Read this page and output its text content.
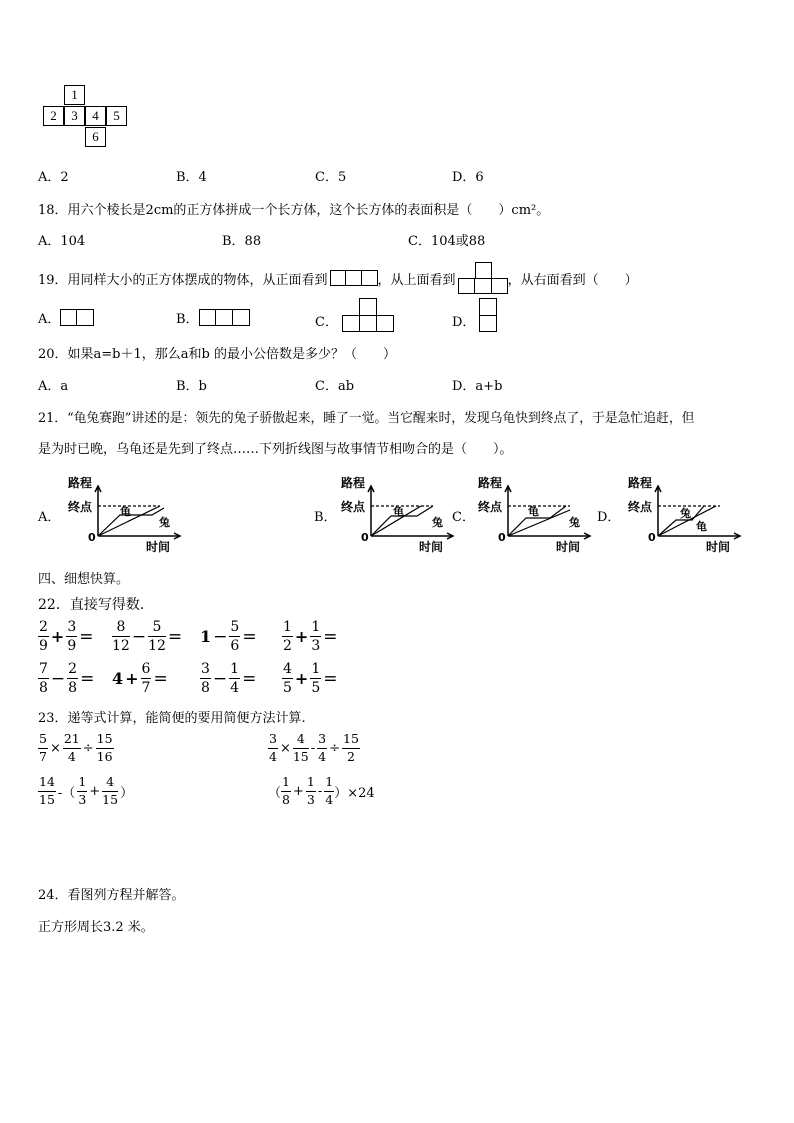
1
2	3	4	5
6
A．2	B．4	C．5	D．6
18．用六个棱长是2cm的正方体拼成一个长方体，这个长方体的表面积是（　　）cm²。
A．104	B．88	C．104或88
19．用同样大小的正方体摆成的物体，从正面看到	，从上面看到	，从右面看到（　　）
A．	B．	C．	D．
20．如果a=b＋1，那么a和b 的最小公倍数是多少？（　　）
A．a	B．b	C．ab	D．a+b
21．“龟兔赛跑”讲述的是：领先的兔子骄傲起来，睡了一觉。当它醒来时，发现乌龟快到终点了，于是急忙追赶，但
是为时已晚，乌龟还是先到了终点……下列折线图与故事情节相吻合的是（　　）。
A．	B．	C．	D．
路程
终点
0
时间
龟
兔
路程
终点
0
时间
龟
兔
路程
终点
0
时间
龟
兔
路程
终点
0
时间
兔
龟
四、细想快算。
22．直接写得数．
$\frac{2}{9} + \frac{3}{9} = \frac{8}{12} - \frac{5}{12} = 1 - \frac{5}{6} = \frac{1}{2} + \frac{1}{3}$ =
$\frac{7}{8} - \frac{2}{8} = 4 + \frac{6}{7} = \frac{3}{8} - \frac{1}{4} = \frac{4}{5} + \frac{1}{5}$ =
23．递等式计算，能简便的要用简便方法计算.
$\frac{5}{7} \times \frac{21}{4} \div \frac{15}{16}$	$\frac{3}{4} \times \frac{4}{15} - \frac{3}{4} \div \frac{15}{2}$
$\frac{14}{15}$ -（ $\frac{1}{3} + \frac{4}{15}$ ）	（ $\frac{1}{8} + \frac{1}{3} - \frac{1}{4} )\times 24$
24．看图列方程并解答。
正方形周长3.2 米。
